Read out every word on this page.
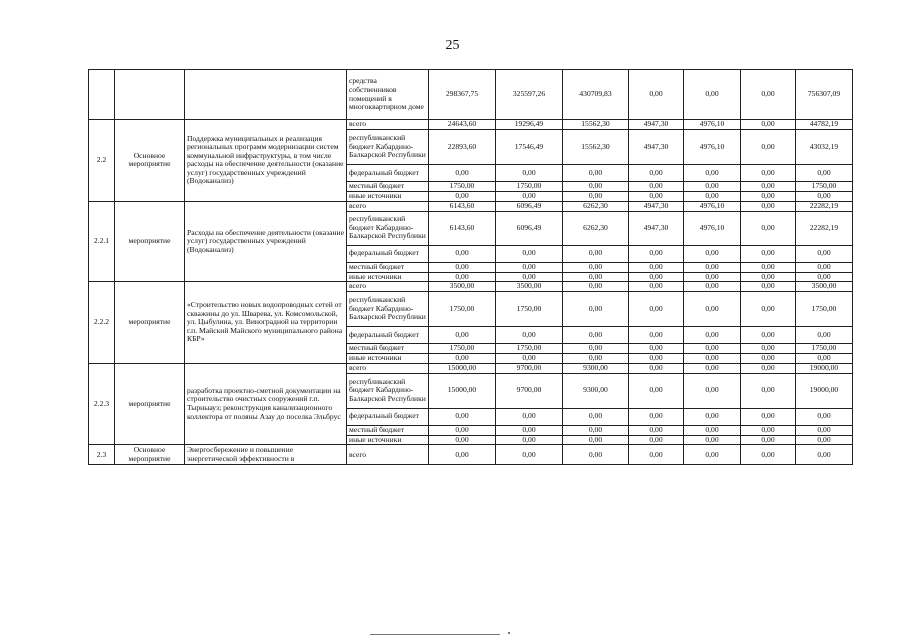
25
			средства собственников помещений в многоквартирном доме	298367,75	325597,26	430709,83	0,00	0,00	0,00	756307,09
2.2	Основное мероприятие	Поддержка муниципальных и реализация региональных программ модернизации систем коммунальной инфраструктуры, в том числе расходы на обеспечение деятельности (оказание услуг) государственных учреждений (Водоканализ)	всего	24643,60	19296,49	15562,30	4947,30	4976,10	0,00	44782,19
			республиканский бюджет Кабардино-Балкарской Республики	22893,60	17546,49	15562,30	4947,30	4976,10	0,00	43032,19
			федеральный бюджет	0,00	0,00	0,00	0,00	0,00	0,00	0,00
			местный бюджет	1750,00	1750,00	0,00	0,00	0,00	0,00	1750,00
			иные источники	0,00	0,00	0,00	0,00	0,00	0,00	0,00
2.2.1	мероприятие	Расходы на обеспечение деятельности (оказание услуг) государственных учреждений (Водоканализ)	всего	6143,60	6096,49	6262,30	4947,30	4976,10	0,00	22282,19
			республиканский бюджет Кабардино-Балкарской Республики	6143,60	6096,49	6262,30	4947,30	4976,10	0,00	22282,19
			федеральный бюджет	0,00	0,00	0,00	0,00	0,00	0,00	0,00
			местный бюджет	0,00	0,00	0,00	0,00	0,00	0,00	0,00
			иные источники	0,00	0,00	0,00	0,00	0,00	0,00	0,00
2.2.2	мероприятие	«Строительство новых водопроводных сетей от скважины до ул. Шварева, ул. Комсомольской, ул. Цыбулина, ул. Виноградной на территории г.п. Майский Майского муниципального района КБР»	всего	3500,00	3500,00	0,00	0,00	0,00	0,00	3500,00
			республиканский бюджет Кабардино-Балкарской Республики	1750,00	1750,00	0,00	0,00	0,00	0,00	1750,00
			федеральный бюджет	0,00	0,00	0,00	0,00	0,00	0,00	0,00
			местный бюджет	1750,00	1750,00	0,00	0,00	0,00	0,00	1750,00
			иные источники	0,00	0,00	0,00	0,00	0,00	0,00	0,00
2.2.3	мероприятие	разработка проектно-сметной документации на строительство очистных сооружений г.п. Тырныауз; реконструкция канализационного коллектора от поляны Азау до поселка Эльбрус	всего	15000,00	9700,00	9300,00	0,00	0,00	0,00	19000,00
			республиканский бюджет Кабардино-Балкарской Республики	15000,00	9700,00	9300,00	0,00	0,00	0,00	19000,00
			федеральный бюджет	0,00	0,00	0,00	0,00	0,00	0,00	0,00
			местный бюджет	0,00	0,00	0,00	0,00	0,00	0,00	0,00
			иные источники	0,00	0,00	0,00	0,00	0,00	0,00	0,00
2.3	Основное мероприятие	Энергосбережение и повышение энергетической эффективности в	всего	0,00	0,00	0,00	0,00	0,00	0,00	0,00
